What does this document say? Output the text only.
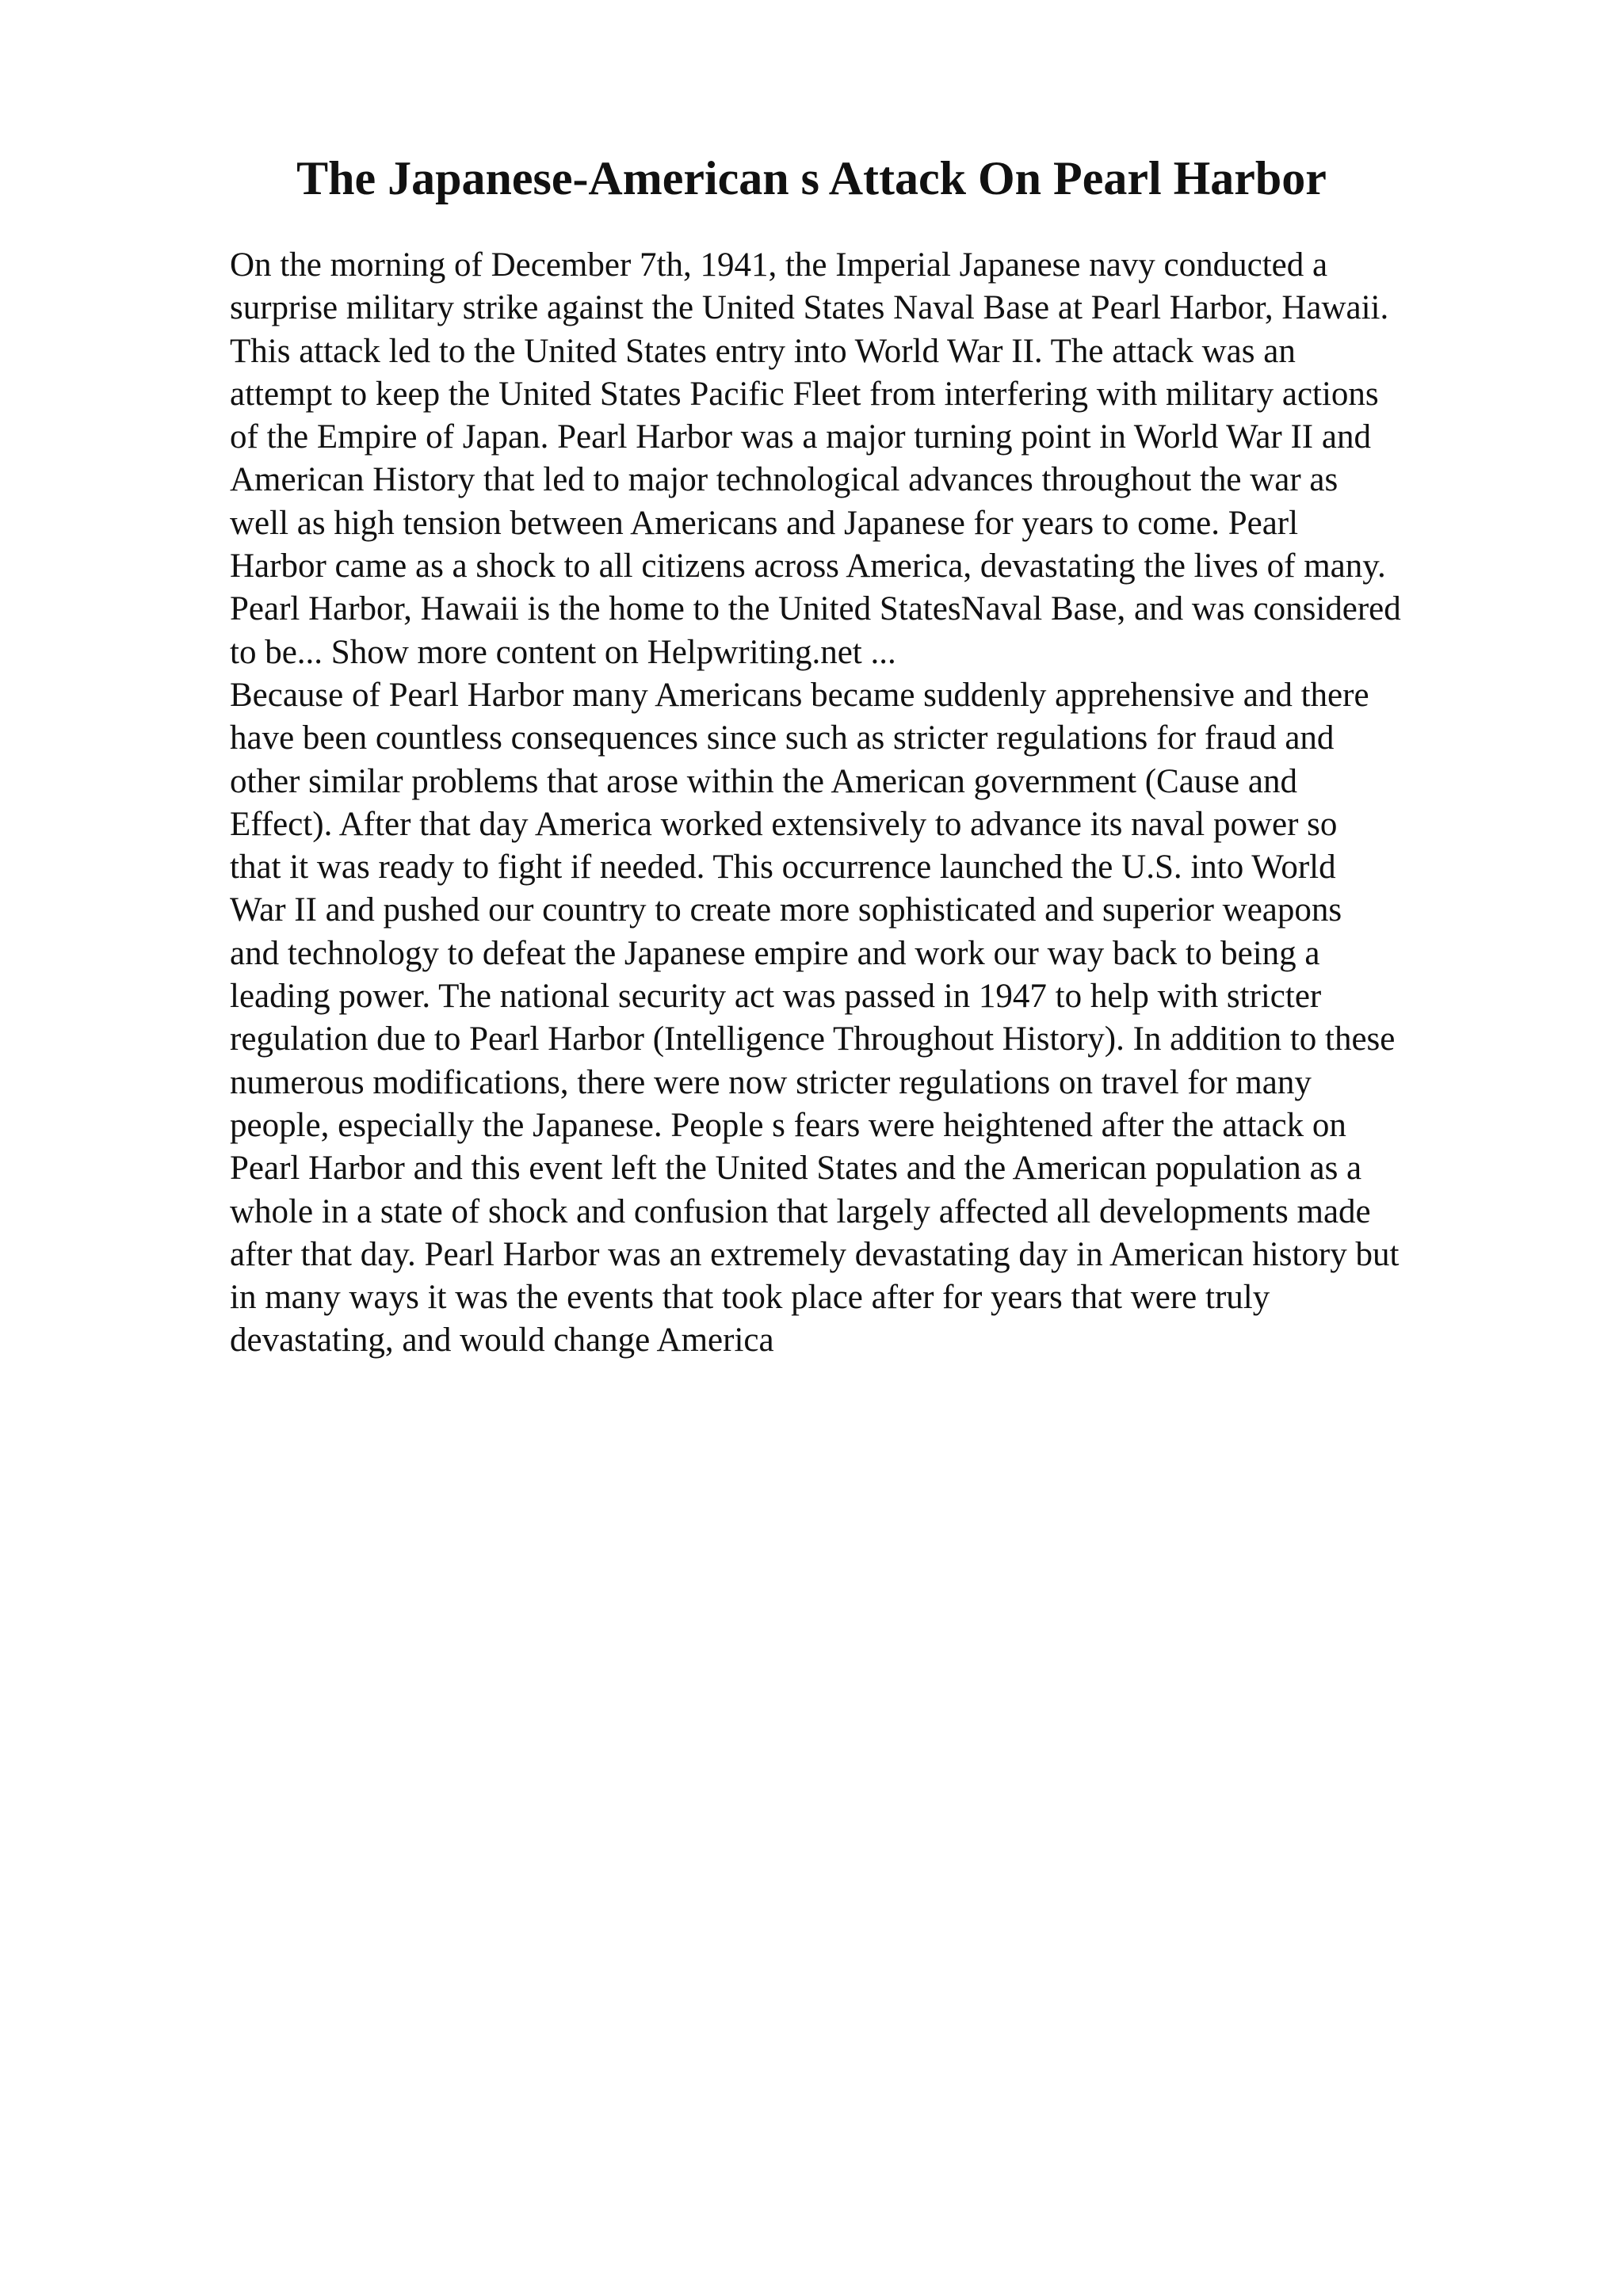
The Japanese-American s Attack On Pearl Harbor
On the morning of December 7th, 1941, the Imperial Japanese navy conducted a
surprise military strike against the United States Naval Base at Pearl Harbor, Hawaii.
This attack led to the United States entry into World War II. The attack was an
attempt to keep the United States Pacific Fleet from interfering with military actions
of the Empire of Japan. Pearl Harbor was a major turning point in World War II and
American History that led to major technological advances throughout the war as
well as high tension between Americans and Japanese for years to come. Pearl
Harbor came as a shock to all citizens across America, devastating the lives of many.
Pearl Harbor, Hawaii is the home to the United StatesNaval Base, and was considered
to be... Show more content on Helpwriting.net ...
Because of Pearl Harbor many Americans became suddenly apprehensive and there
have been countless consequences since such as stricter regulations for fraud and
other similar problems that arose within the American government (Cause and
Effect). After that day America worked extensively to advance its naval power so
that it was ready to fight if needed. This occurrence launched the U.S. into World
War II and pushed our country to create more sophisticated and superior weapons
and technology to defeat the Japanese empire and work our way back to being a
leading power. The national security act was passed in 1947 to help with stricter
regulation due to Pearl Harbor (Intelligence Throughout History). In addition to these
numerous modifications, there were now stricter regulations on travel for many
people, especially the Japanese. People s fears were heightened after the attack on
Pearl Harbor and this event left the United States and the American population as a
whole in a state of shock and confusion that largely affected all developments made
after that day. Pearl Harbor was an extremely devastating day in American history but
in many ways it was the events that took place after for years that were truly
devastating, and would change America
